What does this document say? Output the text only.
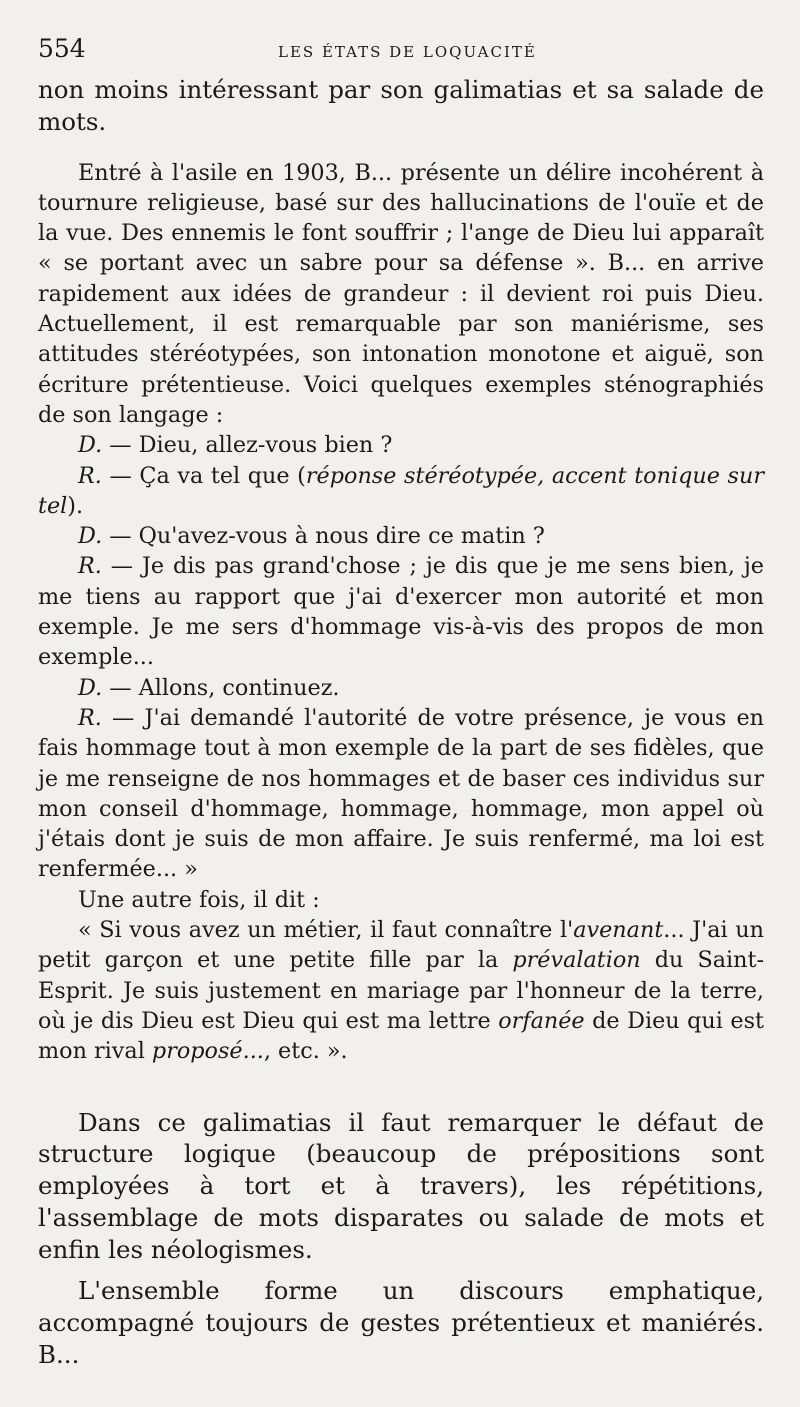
554	LES ÉTATS DE LOQUACITÉ

non moins intéressant par son galimatias et sa salade de mots.

Entré à l'asile en 1903, B... présente un délire incohérent à tournure religieuse, basé sur des hallucinations de l'ouïe et de la vue. Des ennemis le font souffrir ; l'ange de Dieu lui apparaît « se portant avec un sabre pour sa défense ». B... en arrive rapidement aux idées de grandeur : il devient roi puis Dieu. Actuellement, il est remarquable par son maniérisme, ses attitudes stéréotypées, son intonation monotone et aiguë, son écriture prétentieuse. Voici quelques exemples sténographiés de son langage :

D. — Dieu, allez-vous bien ?

R. — Ça va tel que (réponse stéréotypée, accent tonique sur tel).

D. — Qu'avez-vous à nous dire ce matin ?

R. — Je dis pas grand'chose ; je dis que je me sens bien, je me tiens au rapport que j'ai d'exercer mon autorité et mon exemple. Je me sers d'hommage vis-à-vis des propos de mon exemple...

D. — Allons, continuez.

R. — J'ai demandé l'autorité de votre présence, je vous en fais hommage tout à mon exemple de la part de ses fidèles, que je me renseigne de nos hommages et de baser ces individus sur mon conseil d'hommage, hommage, hommage, mon appel où j'étais dont je suis de mon affaire. Je suis renfermé, ma loi est renfermée... »

Une autre fois, il dit :

« Si vous avez un métier, il faut connaître l'avenant... J'ai un petit garçon et une petite fille par la prévalation du Saint-Esprit. Je suis justement en mariage par l'honneur de la terre, où je dis Dieu est Dieu qui est ma lettre orfanée de Dieu qui est mon rival proposé..., etc. ».

Dans ce galimatias il faut remarquer le défaut de structure logique (beaucoup de prépositions sont employées à tort et à travers), les répétitions, l'assemblage de mots disparates ou salade de mots et enfin les néologismes.

L'ensemble forme un discours emphatique, accompagné toujours de gestes prétentieux et maniérés. B...
